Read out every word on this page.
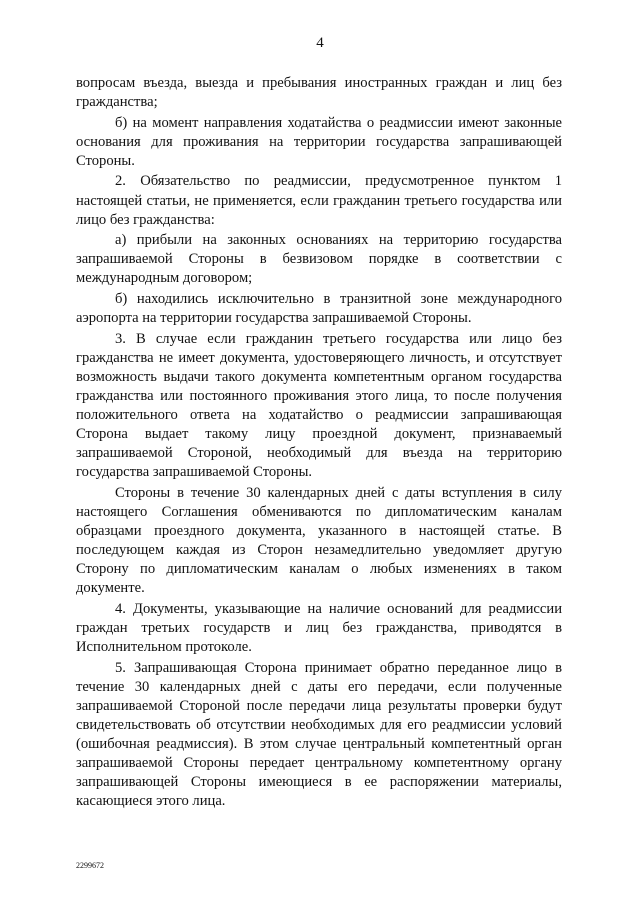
4

вопросам въезда, выезда и пребывания иностранных граждан и лиц без гражданства;

б) на момент направления ходатайства о реадмиссии имеют законные основания для проживания на территории государства запрашивающей Стороны.

2. Обязательство по реадмиссии, предусмотренное пунктом 1 настоящей статьи, не применяется, если гражданин третьего государства или лицо без гражданства:

а) прибыли на законных основаниях на территорию государства запрашиваемой Стороны в безвизовом порядке в соответствии с международным договором;

б) находились исключительно в транзитной зоне международного аэропорта на территории государства запрашиваемой Стороны.

3. В случае если гражданин третьего государства или лицо без гражданства не имеет документа, удостоверяющего личность, и отсутствует возможность выдачи такого документа компетентным органом государства гражданства или постоянного проживания этого лица, то после получения положительного ответа на ходатайство о реадмиссии запрашивающая Сторона выдает такому лицу проездной документ, признаваемый запрашиваемой Стороной, необходимый для въезда на территорию государства запрашиваемой Стороны.

Стороны в течение 30 календарных дней с даты вступления в силу настоящего Соглашения обмениваются по дипломатическим каналам образцами проездного документа, указанного в настоящей статье. В последующем каждая из Сторон незамедлительно уведомляет другую Сторону по дипломатическим каналам о любых изменениях в таком документе.

4. Документы, указывающие на наличие оснований для реадмиссии граждан третьих государств и лиц без гражданства, приводятся в Исполнительном протоколе.

5. Запрашивающая Сторона принимает обратно переданное лицо в течение 30 календарных дней с даты его передачи, если полученные запрашиваемой Стороной после передачи лица результаты проверки будут свидетельствовать об отсутствии необходимых для его реадмиссии условий (ошибочная реадмиссия). В этом случае центральный компетентный орган запрашиваемой Стороны передает центральному компетентному органу запрашивающей Стороны имеющиеся в ее распоряжении материалы, касающиеся этого лица.

2299672
